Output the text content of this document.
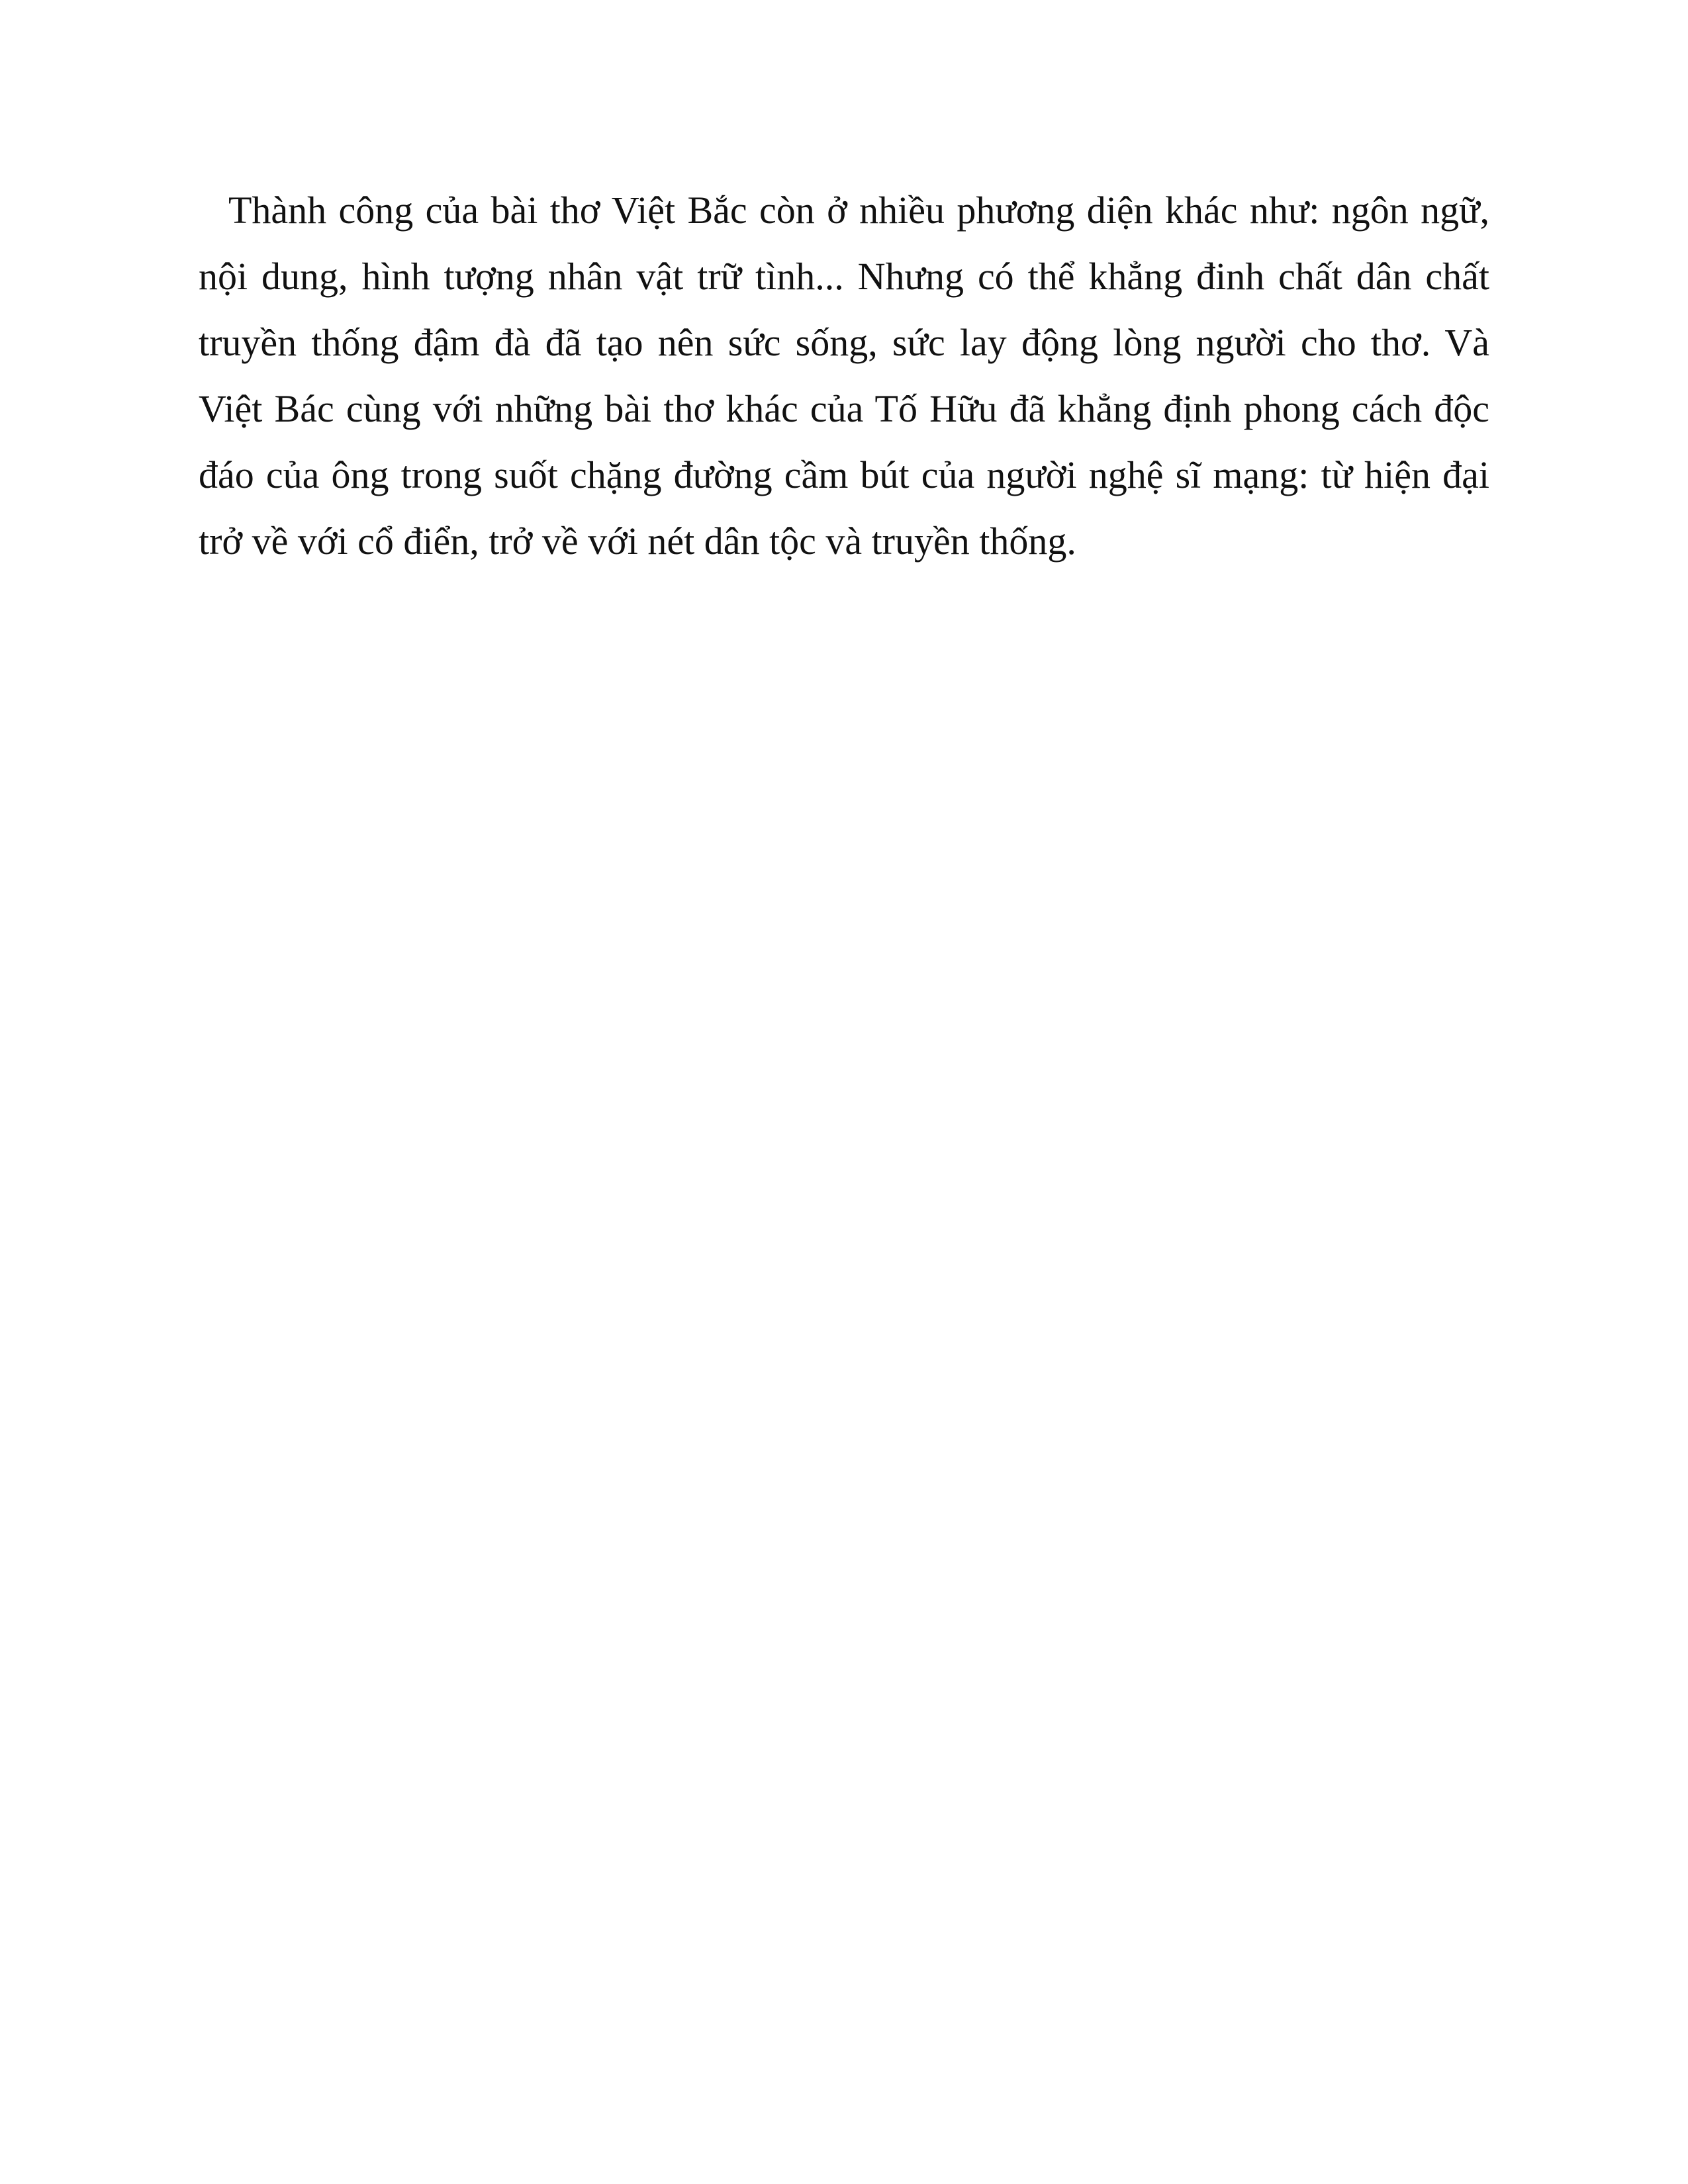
Thành công của bài thơ Việt Bắc còn ở nhiều phương diện khác như: ngôn ngữ,
nội dung, hình tượng nhân vật trữ tình... Nhưng có thể khẳng đinh chất dân chất
truyền thống đậm đà đã tạo nên sức sống, sức lay động lòng người cho thơ. Và
Việt Bác cùng với những bài thơ khác của Tố Hữu đã khẳng định phong cách độc
đáo của ông trong suốt chặng đường cầm bút của người nghệ sĩ mạng: từ hiện đại
trở về với cổ điển, trở về với nét dân tộc và truyền thống.
